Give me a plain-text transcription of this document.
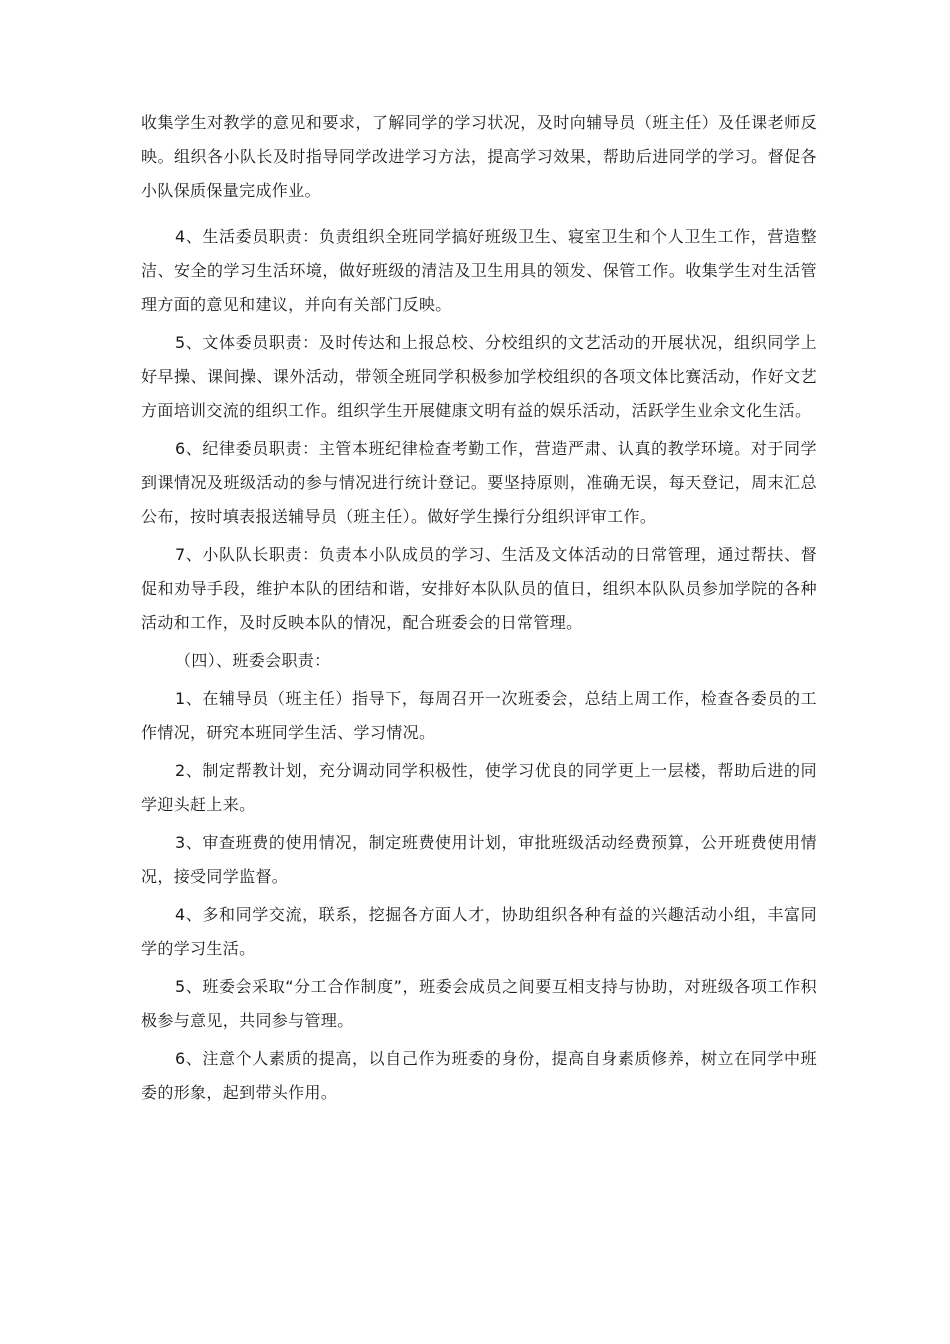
收集学生对教学的意见和要求，了解同学的学习状况，及时向辅导员（班主任）及任课老师反映。组织各小队长及时指导同学改进学习方法，提高学习效果，帮助后进同学的学习。督促各小队保质保量完成作业。

4、生活委员职责：负责组织全班同学搞好班级卫生、寝室卫生和个人卫生工作，营造整洁、安全的学习生活环境，做好班级的清洁及卫生用具的领发、保管工作。收集学生对生活管理方面的意见和建议，并向有关部门反映。

5、文体委员职责：及时传达和上报总校、分校组织的文艺活动的开展状况，组织同学上好早操、课间操、课外活动，带领全班同学积极参加学校组织的各项文体比赛活动，作好文艺方面培训交流的组织工作。组织学生开展健康文明有益的娱乐活动，活跃学生业余文化生活。

6、纪律委员职责：主管本班纪律检查考勤工作，营造严肃、认真的教学环境。对于同学到课情况及班级活动的参与情况进行统计登记。要坚持原则，准确无误，每天登记，周末汇总公布，按时填表报送辅导员（班主任）。做好学生操行分组织评审工作。

7、小队队长职责：负责本小队成员的学习、生活及文体活动的日常管理，通过帮扶、督促和劝导手段，维护本队的团结和谐，安排好本队队员的值日，组织本队队员参加学院的各种活动和工作，及时反映本队的情况，配合班委会的日常管理。

（四）、班委会职责：

1、在辅导员（班主任）指导下，每周召开一次班委会，总结上周工作，检查各委员的工作情况，研究本班同学生活、学习情况。

2、制定帮教计划，充分调动同学积极性，使学习优良的同学更上一层楼，帮助后进的同学迎头赶上来。

3、审查班费的使用情况，制定班费使用计划，审批班级活动经费预算，公开班费使用情况，接受同学监督。

4、多和同学交流，联系，挖掘各方面人才，协助组织各种有益的兴趣活动小组，丰富同学的学习生活。

5、班委会采取“分工合作制度”，班委会成员之间要互相支持与协助，对班级各项工作积极参与意见，共同参与管理。

6、注意个人素质的提高，以自己作为班委的身份，提高自身素质修养，树立在同学中班委的形象，起到带头作用。
